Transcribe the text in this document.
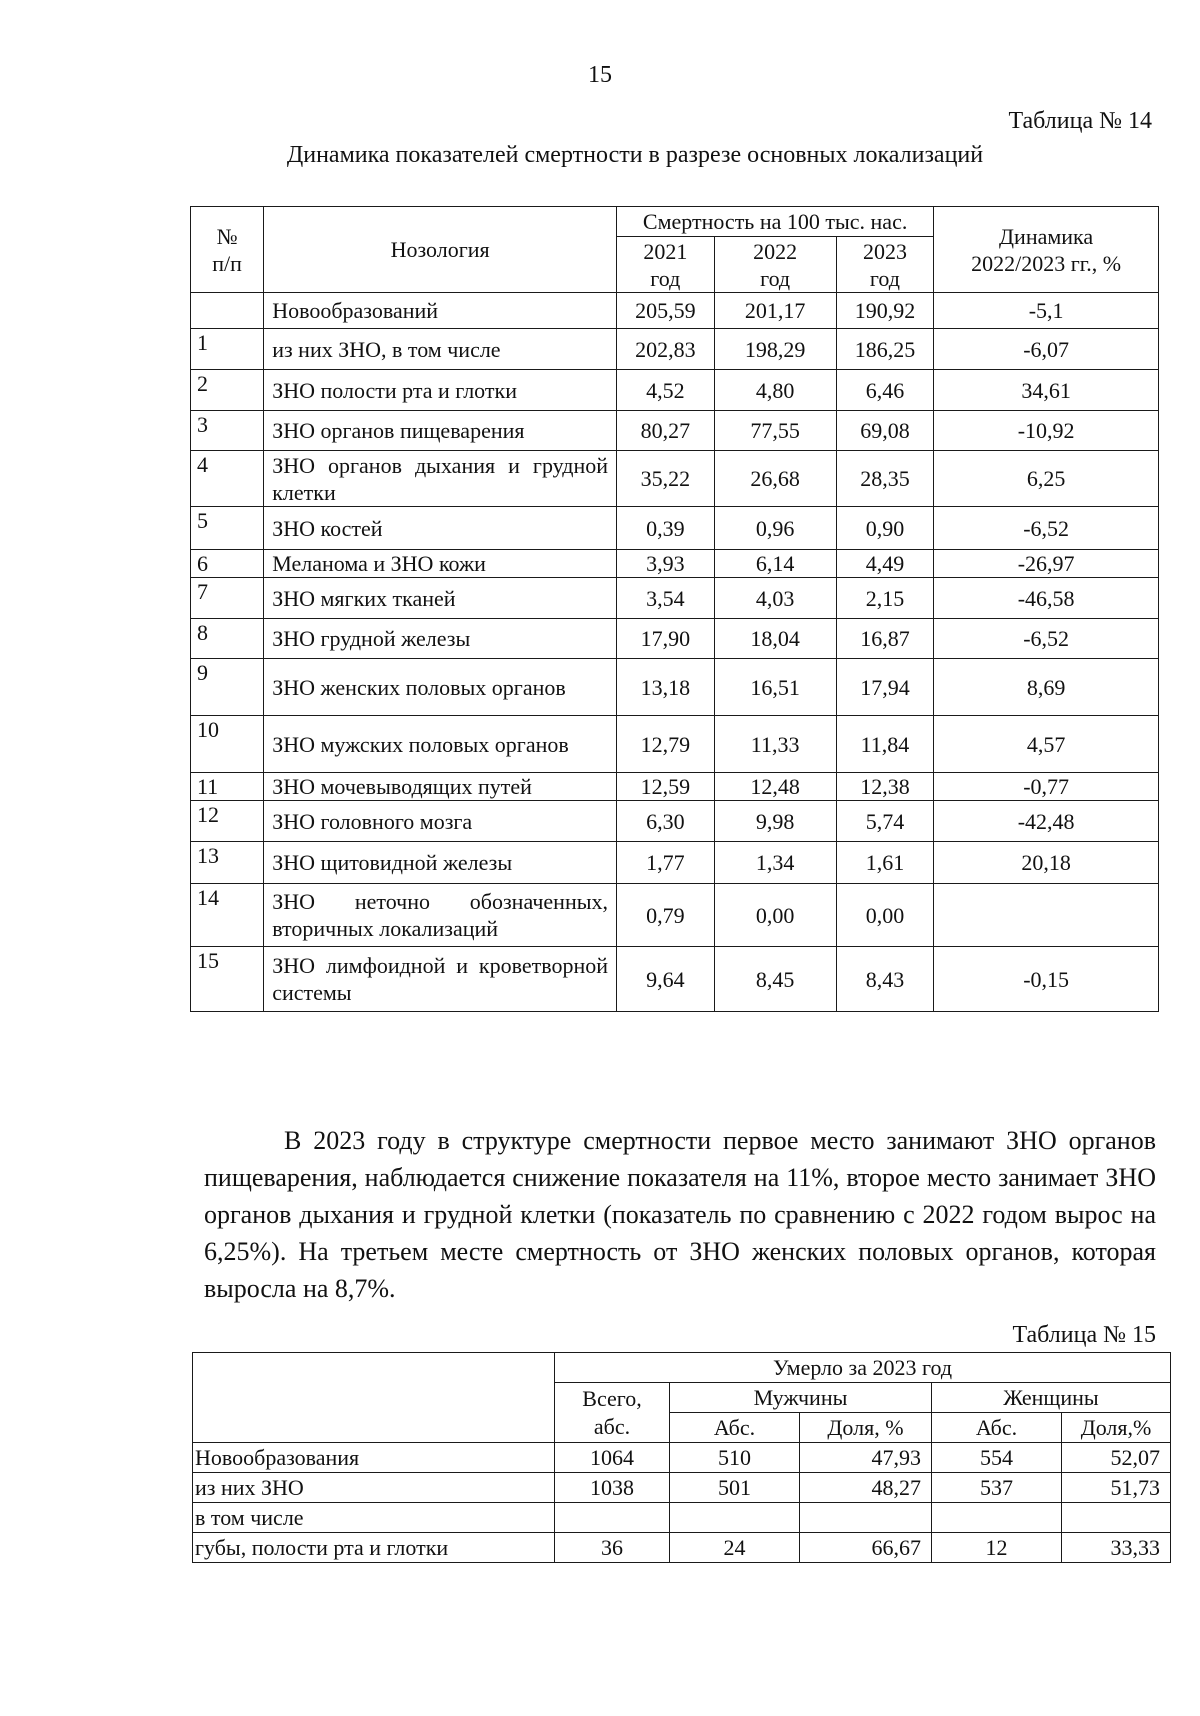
15
Таблица № 14
Динамика показателей смертности в разрезе основных локализаций
№ п/п	Нозология	Смертность на 100 тыс. нас.			Динамика 2022/2023 гг., %
		2021 год	2022 год	2023 год	
	Новообразований	205,59	201,17	190,92	-5,1
1	из них ЗНО, в том числе	202,83	198,29	186,25	-6,07
2	ЗНО полости рта и глотки	4,52	4,80	6,46	34,61
3	ЗНО органов пищеварения	80,27	77,55	69,08	-10,92
4	ЗНО органов дыхания и грудной клетки	35,22	26,68	28,35	6,25
5	ЗНО костей	0,39	0,96	0,90	-6,52
6	Меланома и ЗНО кожи	3,93	6,14	4,49	-26,97
7	ЗНО мягких тканей	3,54	4,03	2,15	-46,58
8	ЗНО грудной железы	17,90	18,04	16,87	-6,52
9	ЗНО женских половых органов	13,18	16,51	17,94	8,69
10	ЗНО мужских половых органов	12,79	11,33	11,84	4,57
11	ЗНО мочевыводящих путей	12,59	12,48	12,38	-0,77
12	ЗНО головного мозга	6,30	9,98	5,74	-42,48
13	ЗНО щитовидной железы	1,77	1,34	1,61	20,18
14	ЗНО неточно обозначенных, вторичных локализаций	0,79	0,00	0,00	
15	ЗНО лимфоидной и кроветворной системы	9,64	8,45	8,43	-0,15

В 2023 году в структуре смертности первое место занимают ЗНО органов пищеварения, наблюдается снижение показателя на 11%, второе место занимает ЗНО органов дыхания и грудной клетки (показатель по сравнению с 2022 годом вырос на 6,25%). На третьем месте смертность от ЗНО женских половых органов, которая выросла на 8,7%.

Таблица № 15
	Умерло за 2023 год				
	Всего, абс.	Мужчины		Женщины	
		Абс.	Доля, %	Абс.	Доля,%
Новообразования	1064	510	47,93	554	52,07
из них ЗНО	1038	501	48,27	537	51,73
в том числе					
губы, полости рта и глотки	36	24	66,67	12	33,33
